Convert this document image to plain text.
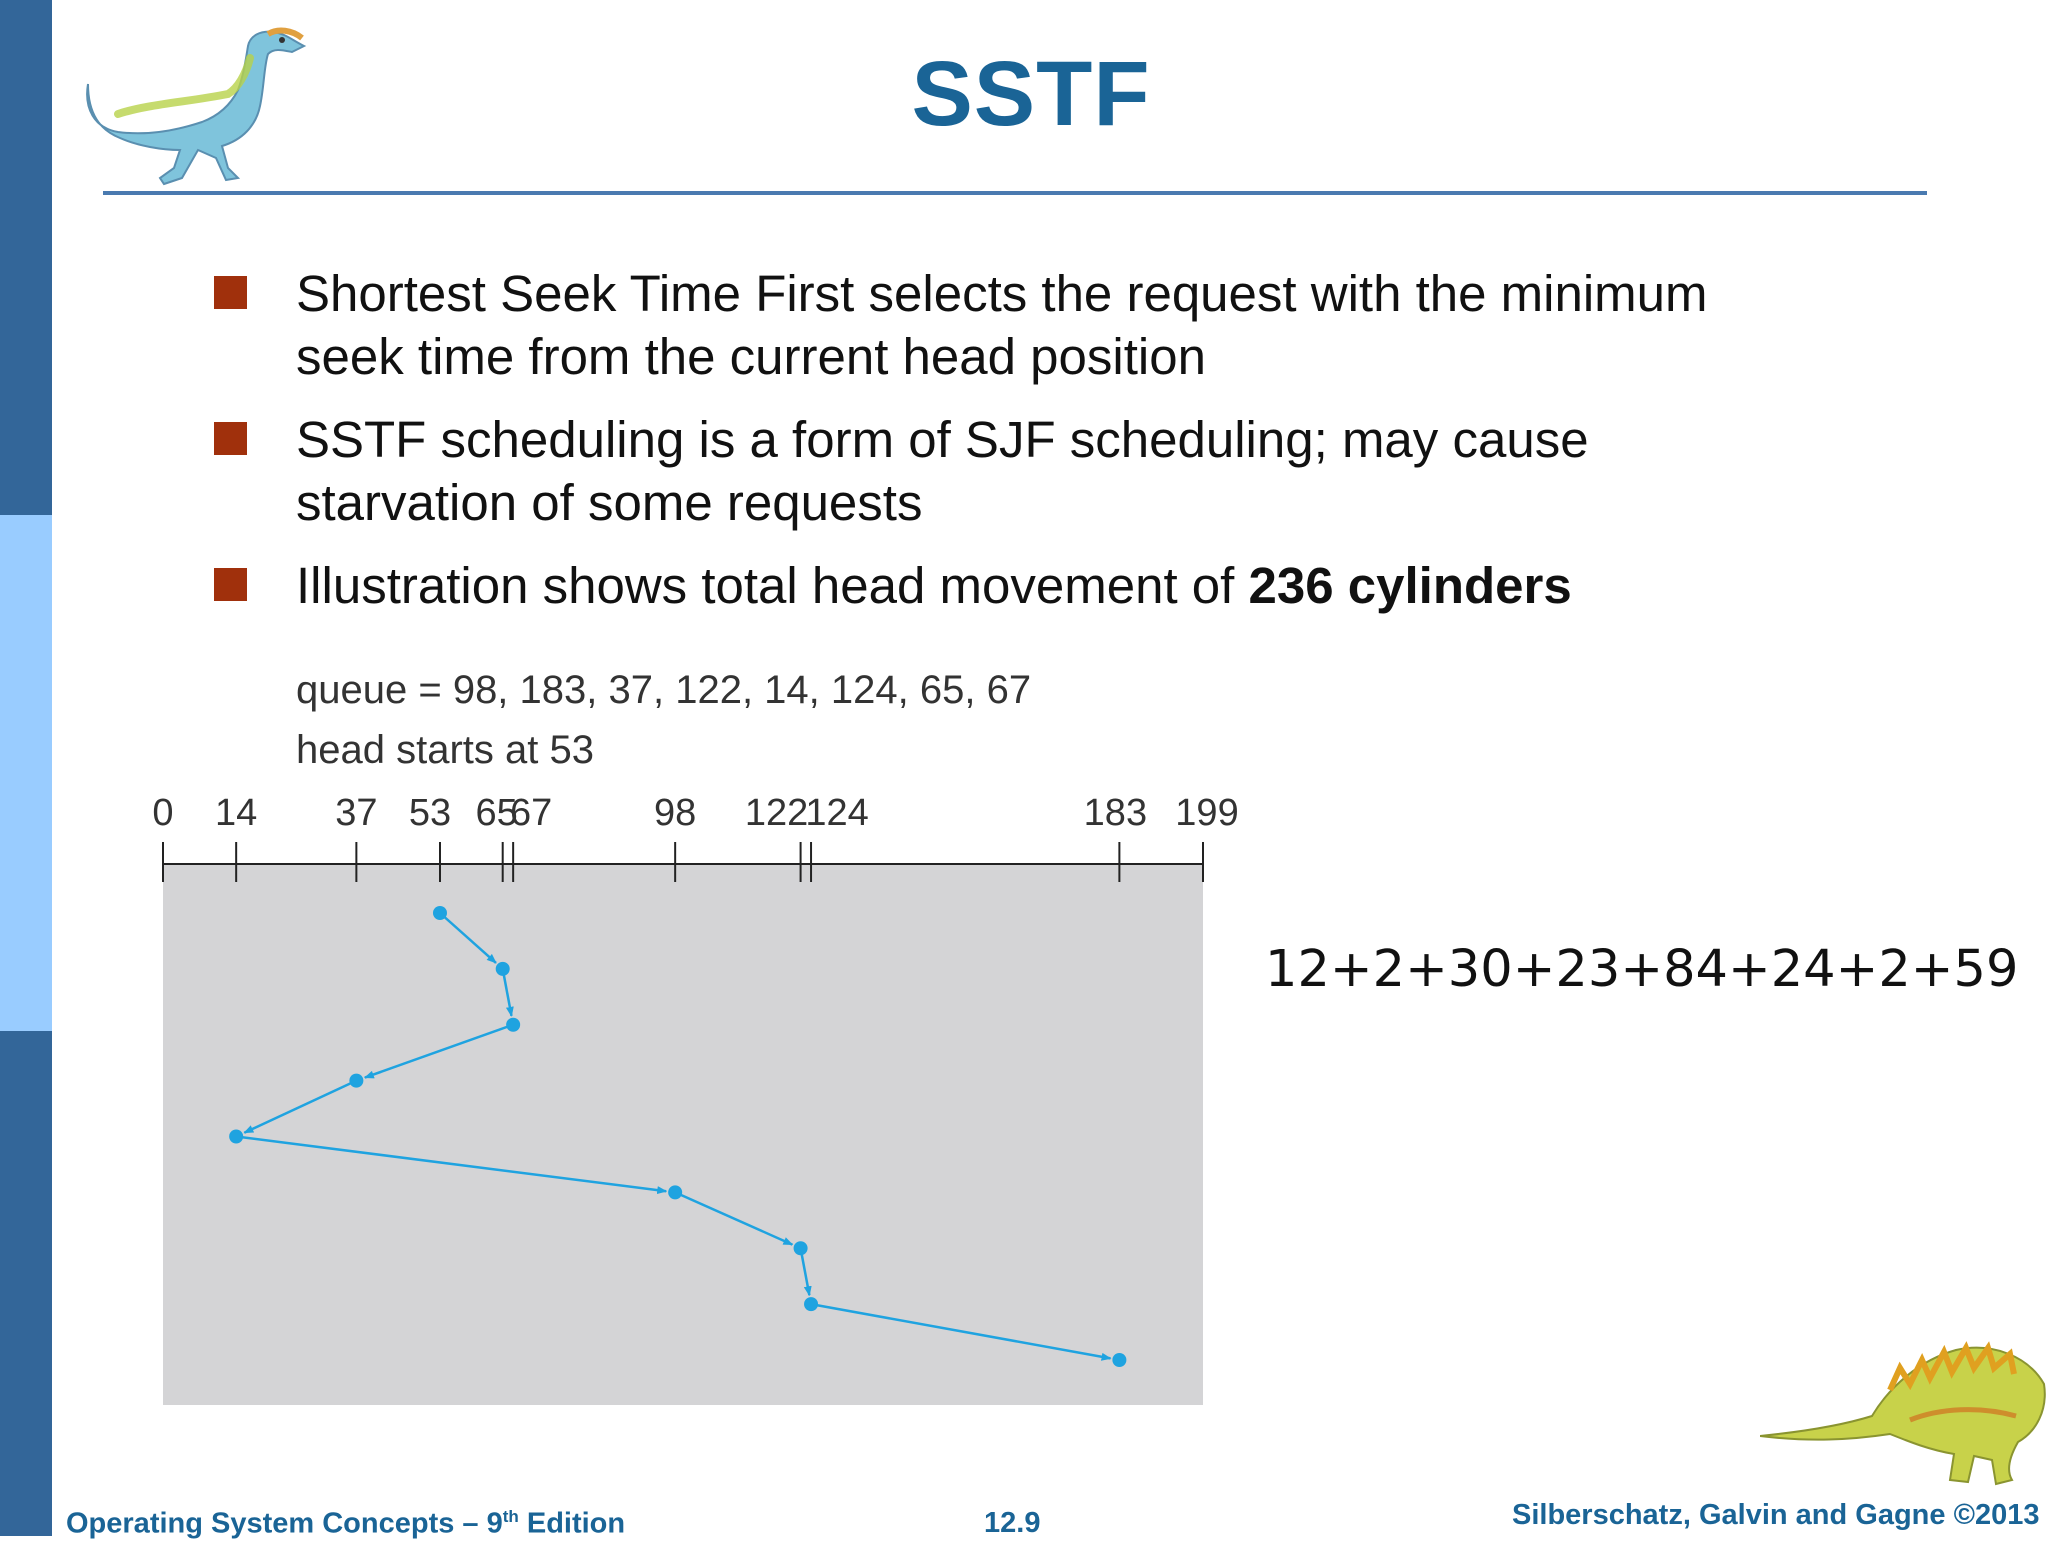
SSTF
Shortest Seek Time First selects the request with the minimum seek time from the current head position
SSTF scheduling is a form of SJF scheduling; may cause starvation of some requests
Illustration shows total head movement of 236 cylinders
queue = 98, 183, 37, 122, 14, 124, 65, 67
head starts at 53
0 14 37 53 65
67	98 122
124	183 199
12+2+30+23+84+24+2+59
Operating System Concepts – 9th Edition	12.9	Silberschatz, Galvin and Gagne ©2013
